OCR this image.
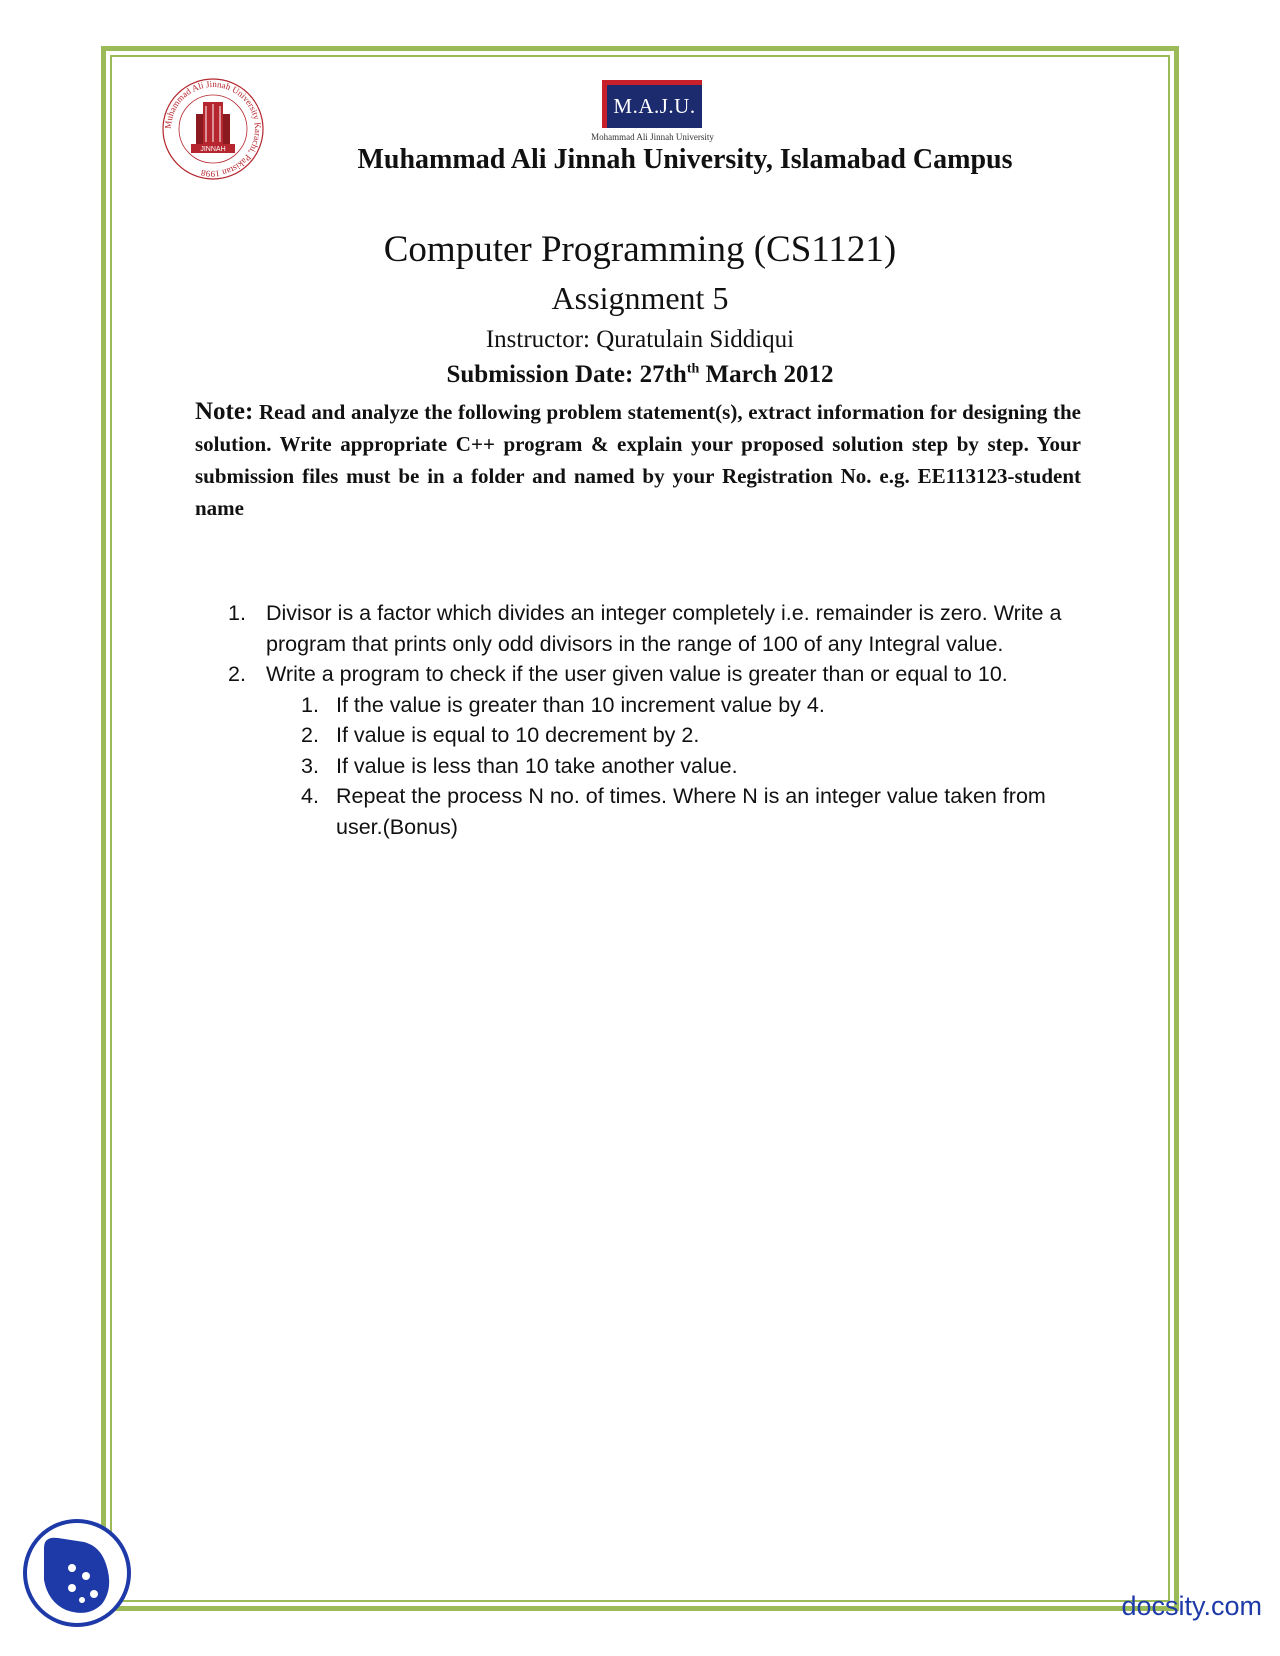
Muhammad Ali Jinnah University Karachi, Pakistan 1998
JINNAH
M.A.J.U.
Mohammad Ali Jinnah University
Muhammad Ali Jinnah University, Islamabad Campus
Computer Programming (CS1121)
Assignment 5
Instructor: Quratulain Siddiqui
Submission Date: $27th^{th}$ March 2012
Note: Read and analyze the following problem statement(s), extract information for designing the solution. Write appropriate C++ program & explain your proposed solution step by step. Your submission files must be in a folder and named by your Registration No. e.g. EE113123-student name
1. Divisor is a factor which divides an integer completely i.e. remainder is zero. Write a program that prints only odd divisors in the range of 100 of any Integral value.
2. Write a program to check if the user given value is greater than or equal to 10.
1. If the value is greater than 10 increment value by 4.
2. If value is equal to 10 decrement by 2.
3. If value is less than 10 take another value.
4. Repeat the process N no. of times. Where N is an integer value taken from user.(Bonus)
docsity.com
